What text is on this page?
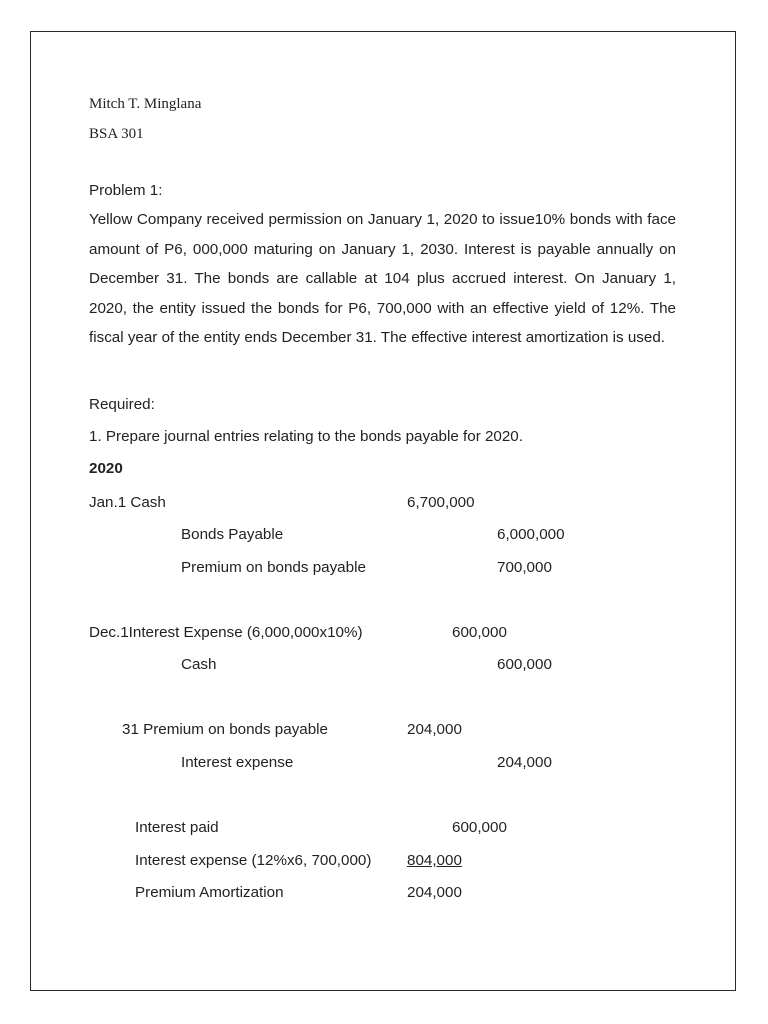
Mitch T. Minglana
BSA 301
Problem 1:
Yellow Company received permission on January 1, 2020 to issue10% bonds with face amount of P6, 000,000 maturing on January 1, 2030. Interest is payable annually on December 31. The bonds are callable at 104 plus accrued interest. On January 1, 2020, the entity issued the bonds for P6, 700,000 with an effective yield of 12%. The fiscal year of the entity ends December 31. The effective interest amortization is used.
Required:
1. Prepare journal entries relating to the bonds payable for 2020.
2020
Jan.1 Cash	6,700,000
Bonds Payable	6,000,000
Premium on bonds payable	700,000
Dec.1Interest Expense (6,000,000x10%)	600,000
Cash	600,000
31 Premium on bonds payable	204,000
Interest expense	204,000
Interest paid	600,000
Interest expense (12%x6, 700,000) 804,000
Premium Amortization	204,000
